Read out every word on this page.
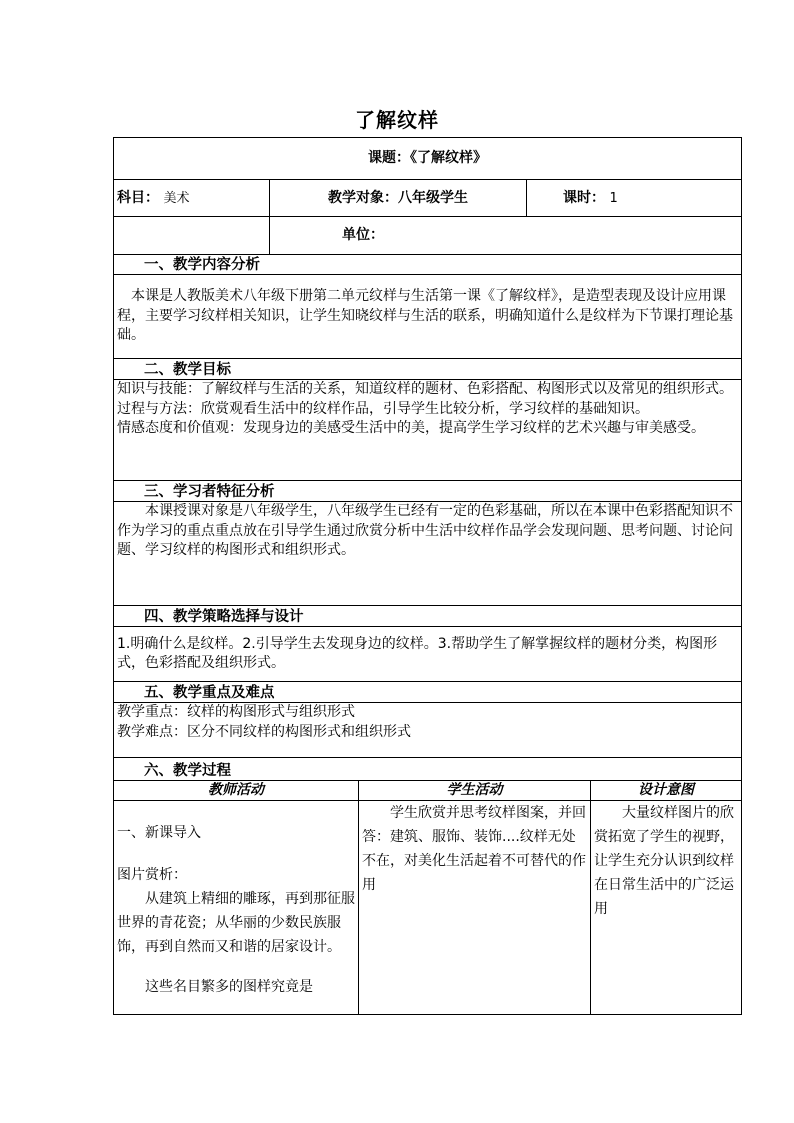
了解纹样
课题：《了解纹样》				
科目： 美术	教学对象：八年级学生		课时： 1	
	单位：			
一、教学内容分析				
本课是人教版美术八年级下册第二单元纹样与生活第一课《了解纹样》，是造型表现及设计应用课程，主要学习纹样相关知识，让学生知晓纹样与生活的联系，明确知道什么是纹样为下节课打理论基础。				
二、教学目标				

知识与技能：了解纹样与生活的关系，知道纹样的题材、色彩搭配、构图形式以及常见的组织形式。

过程与方法：欣赏观看生活中的纹样作品，引导学生比较分析，学习纹样的基础知识。

情感态度和价值观：发现身边的美感受生活中的美，提高学生学习纹样的艺术兴趣与审美感受。				

三、学习者特征分析				
本课授课对象是八年级学生，八年级学生已经有一定的色彩基础，所以在本课中色彩搭配知识不作为学习的重点重点放在引导学生通过欣赏分析中生活中纹样作品学会发现问题、思考问题、讨论问题、学习纹样的构图形式和组织形式。				
四、教学策略选择与设计				
1.明确什么是纹样。2.引导学生去发现身边的纹样。3.帮助学生了解掌握纹样的题材分类，构图形式，色彩搭配及组织形式。				
五、教学重点及难点				

教学重点：纹样的构图形式与组织形式

教学难点：区分不同纹样的构图形式和组织形式				

六、教学过程				
教师活动		学生活动		设计意图

一、新课导入

图片赏析：

从建筑上精细的雕琢，再到那征服世界的青花瓷；从华丽的少数民族服饰，再到自然而又和谐的居家设计。

这些名目繁多的图样究竟是		学生欣赏并思考纹样图案，并回答：建筑、服饰、装饰....纹样无处不在，对美化生活起着不可替代的作用		大量纹样图片的欣赏拓宽了学生的视野，让学生充分认识到纹样在日常生活中的广泛运用
